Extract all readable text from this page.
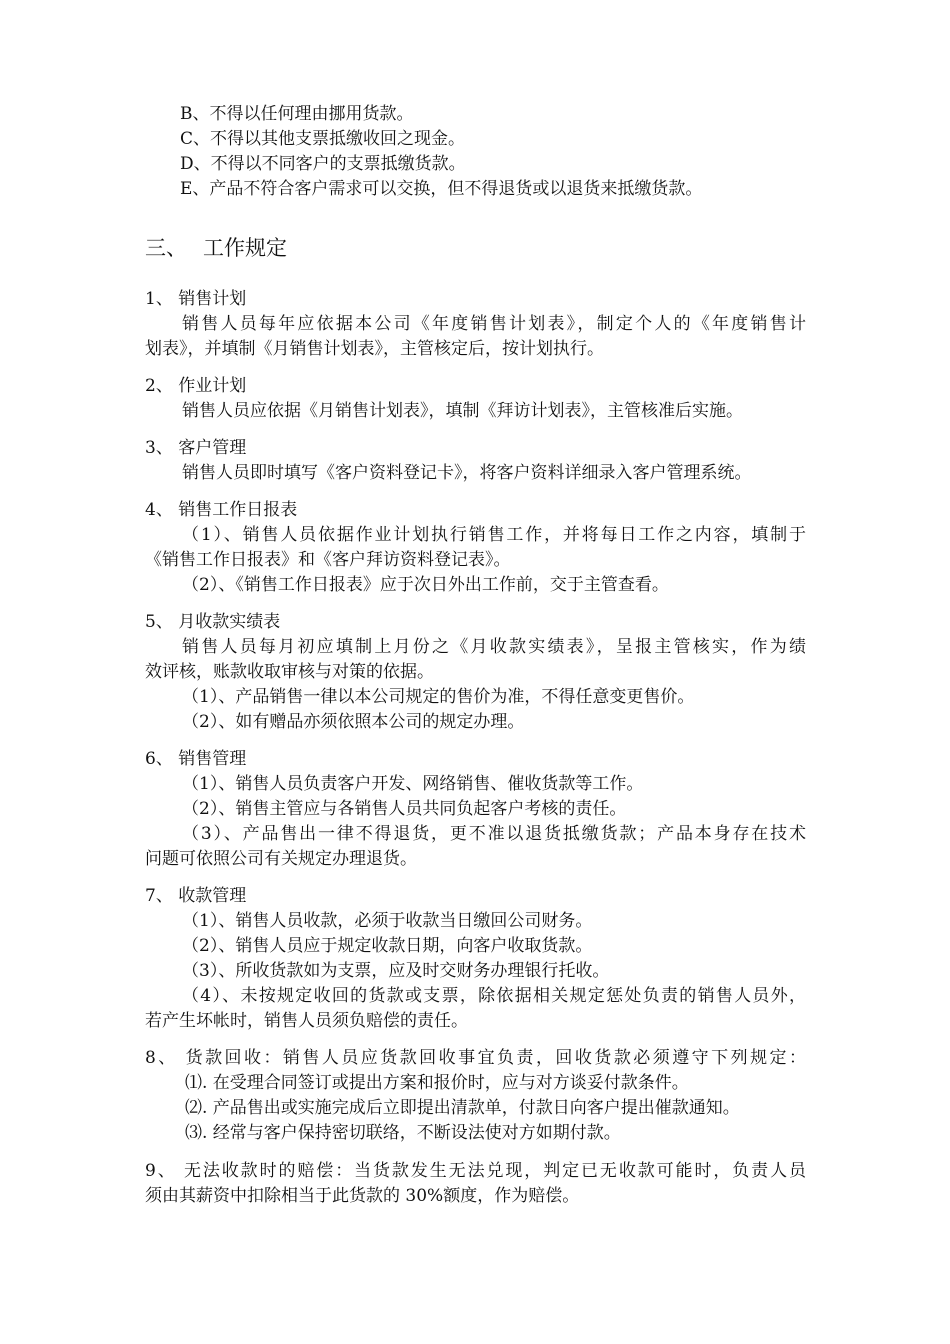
B、不得以任何理由挪用货款。
C、不得以其他支票抵缴收回之现金。
D、不得以不同客户的支票抵缴货款。
E、产品不符合客户需求可以交换，但不得退货或以退货来抵缴货款。
三、 工作规定
1、 销售计划
销售人员每年应依据本公司《年度销售计划表》，制定个人的《年度销售计
划表》，并填制《月销售计划表》，主管核定后，按计划执行。
2、 作业计划
销售人员应依据《月销售计划表》，填制《拜访计划表》，主管核准后实施。
3、 客户管理
销售人员即时填写《客户资料登记卡》，将客户资料详细录入客户管理系统。
4、 销售工作日报表
（1）、销售人员依据作业计划执行销售工作，并将每日工作之内容，填制于
《销售工作日报表》和《客户拜访资料登记表》。
（2）、《销售工作日报表》应于次日外出工作前，交于主管查看。
5、 月收款实绩表
销售人员每月初应填制上月份之《月收款实绩表》，呈报主管核实，作为绩
效评核，账款收取审核与对策的依据。
（1）、产品销售一律以本公司规定的售价为准，不得任意变更售价。
（2）、如有赠品亦须依照本公司的规定办理。
6、 销售管理
（1）、销售人员负责客户开发、网络销售、催收货款等工作。
（2）、销售主管应与各销售人员共同负起客户考核的责任。
（3）、产品售出一律不得退货，更不准以退货抵缴货款；产品本身存在技术
问题可依照公司有关规定办理退货。
7、 收款管理
（1）、销售人员收款，必须于收款当日缴回公司财务。
（2）、销售人员应于规定收款日期，向客户收取货款。
（3）、所收货款如为支票，应及时交财务办理银行托收。
（4）、未按规定收回的货款或支票，除依据相关规定惩处负责的销售人员外，
若产生坏帐时，销售人员须负赔偿的责任。
8、 货款回收：销售人员应货款回收事宜负责，回收货款必须遵守下列规定：
⑴. 在受理合同签订或提出方案和报价时，应与对方谈妥付款条件。
⑵. 产品售出或实施完成后立即提出清款单，付款日向客户提出催款通知。
⑶. 经常与客户保持密切联络，不断设法使对方如期付款。
9、 无法收款时的赔偿：当货款发生无法兑现，判定已无收款可能时，负责人员
须由其薪资中扣除相当于此货款的 30%额度，作为赔偿。
